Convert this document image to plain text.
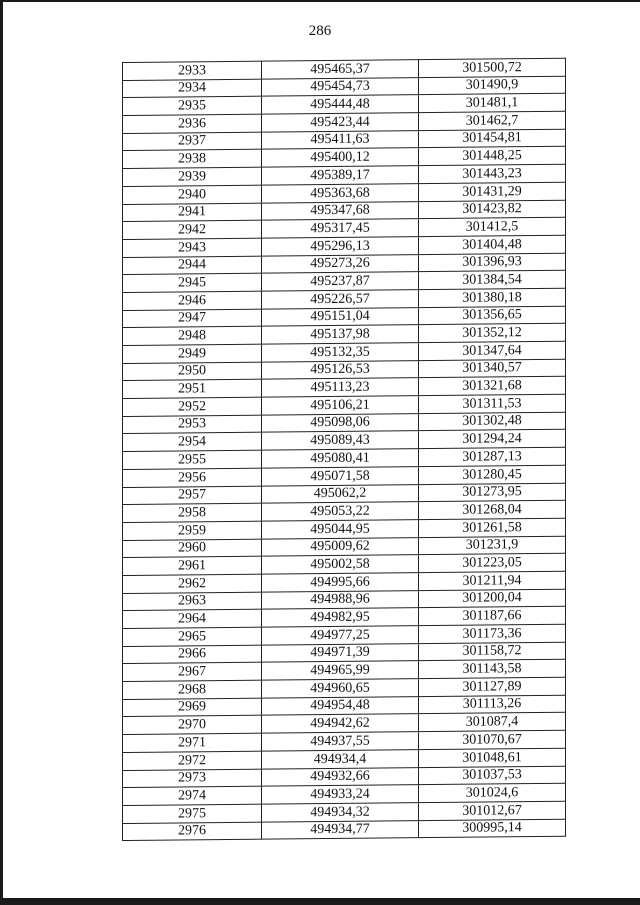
286
2933	495465,37	301500,72
2934	495454,73	301490,9
2935	495444,48	301481,1
2936	495423,44	301462,7
2937	495411,63	301454,81
2938	495400,12	301448,25
2939	495389,17	301443,23
2940	495363,68	301431,29
2941	495347,68	301423,82
2942	495317,45	301412,5
2943	495296,13	301404,48
2944	495273,26	301396,93
2945	495237,87	301384,54
2946	495226,57	301380,18
2947	495151,04	301356,65
2948	495137,98	301352,12
2949	495132,35	301347,64
2950	495126,53	301340,57
2951	495113,23	301321,68
2952	495106,21	301311,53
2953	495098,06	301302,48
2954	495089,43	301294,24
2955	495080,41	301287,13
2956	495071,58	301280,45
2957	495062,2	301273,95
2958	495053,22	301268,04
2959	495044,95	301261,58
2960	495009,62	301231,9
2961	495002,58	301223,05
2962	494995,66	301211,94
2963	494988,96	301200,04
2964	494982,95	301187,66
2965	494977,25	301173,36
2966	494971,39	301158,72
2967	494965,99	301143,58
2968	494960,65	301127,89
2969	494954,48	301113,26
2970	494942,62	301087,4
2971	494937,55	301070,67
2972	494934,4	301048,61
2973	494932,66	301037,53
2974	494933,24	301024,6
2975	494934,32	301012,67
2976	494934,77	300995,14
